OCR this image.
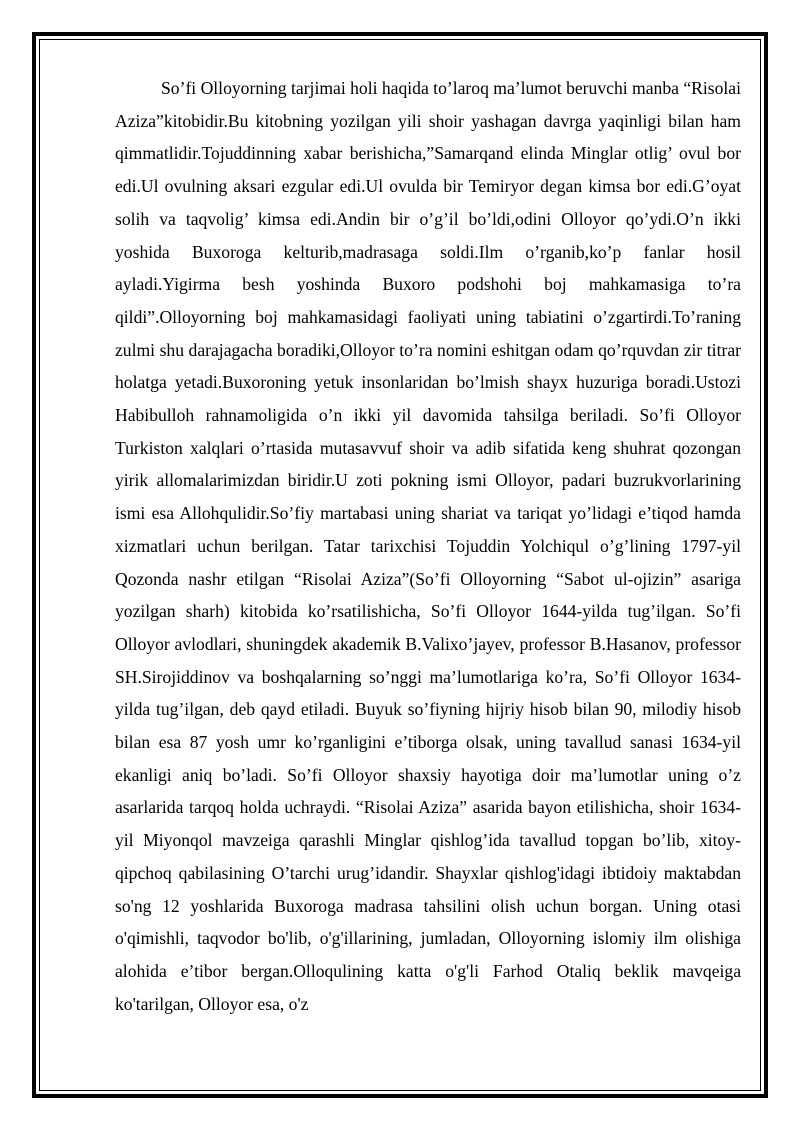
So’fi Olloyorning tarjimai holi haqida to’laroq ma’lumot beruvchi manba “Risolai Aziza”kitobidir.Bu kitobning yozilgan yili shoir yashagan davrga yaqinligi bilan ham qimmatlidir.Tojuddinning xabar berishicha,”Samarqand elinda Minglar otlig’ ovul bor edi.Ul ovulning aksari ezgular edi.Ul ovulda bir Temiryor degan kimsa bor edi.G’oyat solih va taqvolig’ kimsa edi.Andin bir o’g’il bo’ldi,odini Olloyor qo’ydi.O’n ikki yoshida Buxoroga kelturib,madrasaga soldi.Ilm o’rganib,ko’p fanlar hosil ayladi.Yigirma besh yoshinda Buxoro podshohi boj mahkamasiga to’ra qildi”.Olloyorning boj mahkamasidagi faoliyati uning tabiatini o’zgartirdi.To’raning zulmi shu darajagacha boradiki,Olloyor to’ra nomini eshitgan odam qo’rquvdan zir titrar holatga yetadi.Buxoroning yetuk insonlaridan bo’lmish shayx huzuriga boradi.Ustozi Habibulloh rahnamoligida o’n ikki yil davomida tahsilga beriladi. So’fi Olloyor Turkiston xalqlari o’rtasida mutasavvuf shoir va adib sifatida keng shuhrat qozongan yirik allomalarimizdan biridir.U zoti pokning ismi Olloyor, padari buzrukvorlarining ismi esa Allohqulidir.So’fiy martabasi uning shariat va tariqat yo’lidagi e’tiqod hamda xizmatlari uchun berilgan. Tatar tarixchisi Tojuddin Yolchiqul o’g’lining 1797-yil Qozonda nashr etilgan “Risolai Aziza”(So’fi Olloyorning “Sabot ul-ojizin” asariga yozilgan sharh) kitobida ko’rsatilishicha, So’fi Olloyor 1644-yilda tug’ilgan. So’fi Olloyor avlodlari, shuningdek akademik B.Valixo’jayev, professor B.Hasanov, professor SH.Sirojiddinov va boshqalarning so’nggi ma’lumotlariga ko’ra, So’fi Olloyor 1634-yilda tug’ilgan, deb qayd etiladi. Buyuk so’fiyning hijriy hisob bilan 90, milodiy hisob bilan esa 87 yosh umr ko’rganligini e’tiborga olsak, uning tavallud sanasi 1634-yil ekanligi aniq bo’ladi. So’fi Olloyor shaxsiy hayotiga doir ma’lumotlar uning o’z asarlarida tarqoq holda uchraydi. “Risolai Aziza” asarida bayon etilishicha, shoir 1634-yil Miyonqol mavzeiga qarashli Minglar qishlog’ida tavallud topgan bo’lib, xitoy-qipchoq qabilasining O’tarchi urug’idandir. Shayxlar qishlog'idagi ibtidoiy maktabdan so'ng 12 yoshlarida Buxoroga madrasa tahsilini olish uchun borgan. Uning otasi o'qimishli, taqvodor bo'lib, o'g'illarining, jumladan, Olloyorning islomiy ilm olishiga alohida e’tibor bergan.Olloqulining katta o'g'li Farhod Otaliq beklik mavqeiga ko'tarilgan, Olloyor esa, o'z
